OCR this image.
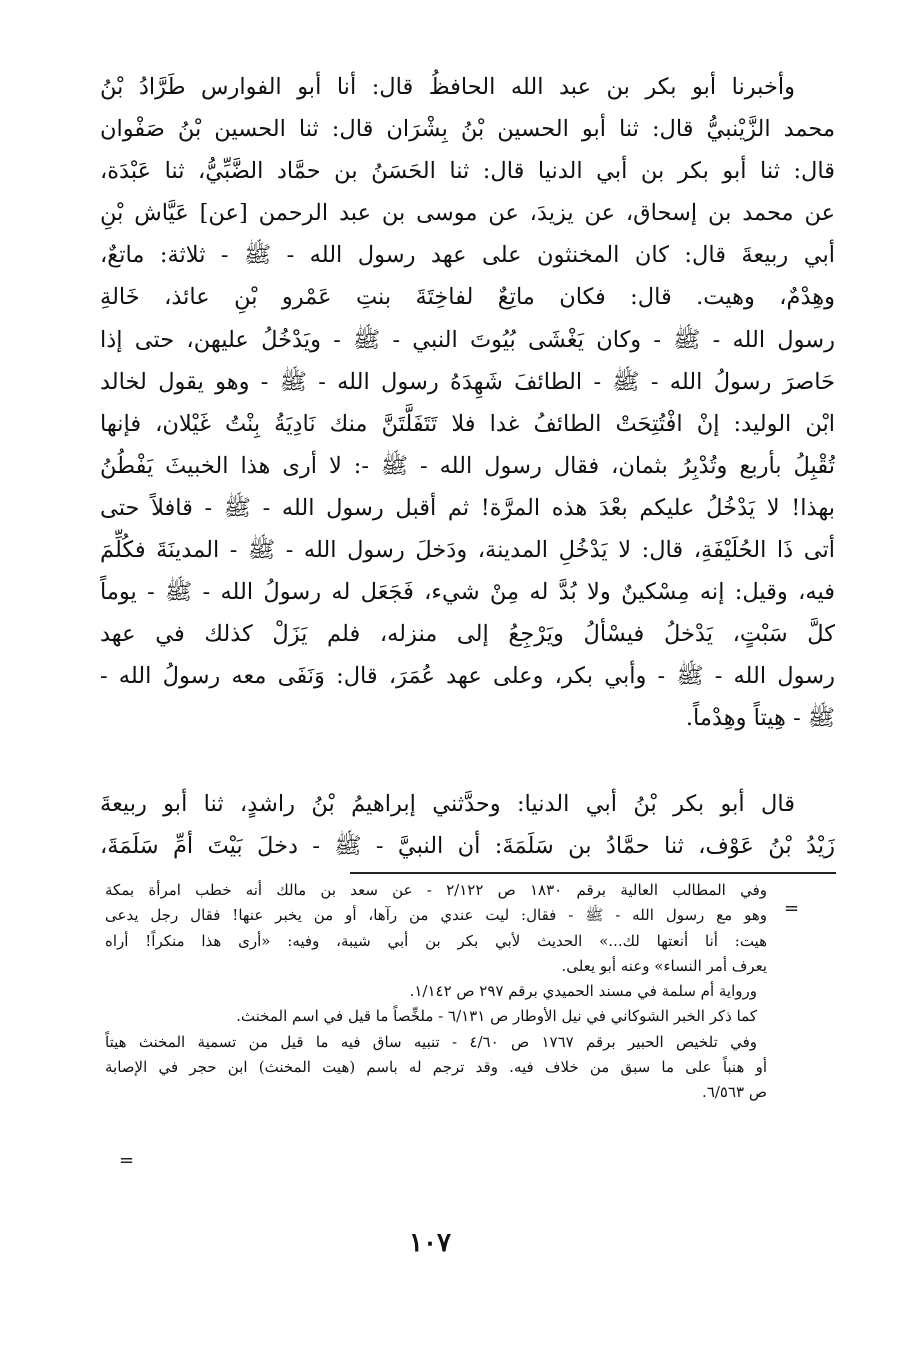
وأخبرنا أبو بكر بن عبد الله الحافظُ قال: أنا أبو الفوارس طَرَّادُ بْنُ
محمد الزَّيْنبيُّ قال: ثنا أبو الحسين بْنُ بِشْرَان قال: ثنا الحسين بْنُ صَفْوان
قال: ثنا أبو بكر بن أبي الدنيا قال: ثنا الحَسَنُ بن حمَّاد الضَّبِّيُّ، ثنا عَبْدَة،
عن محمد بن إسحاق، عن يزيدَ، عن موسى بن عبد الرحمن [عن] عَيَّاش بْنِ
أبي ربيعةَ قال: كان المخنثون على عهد رسول الله - ﷺ - ثلاثة: ماتعٌ،
وهِدْمٌ، وهيت. قال: فكان ماتِعٌ لفاخِتَةَ بنتِ عَمْرو بْنِ عائذ، خَالةِ
رسول الله - ﷺ - وكان يَغْشَى بُيُوتَ النبي - ﷺ - ويَدْخُلُ عليهن، حتى إذا
حَاصرَ رسولُ الله - ﷺ - الطائفَ شَهِدَهُ رسول الله - ﷺ - وهو يقول لخالد
ابْن الوليد: إنْ افْتُتِحَتْ الطائفُ غدا فلا تَتَفَلَّتَنَّ منك نَادِيَةُ بِنْتُ غَيْلان، فإنها
تُقْبِلُ بأربع وتُدْبِرُ بثمان، فقال رسول الله - ﷺ -: لا أرى هذا الخبيثَ يَفْطُنُ
بهذا! لا يَدْخُلُ عليكم بعْدَ هذه المرَّة! ثم أقبل رسول الله - ﷺ - قافلاً حتى
أتى ذَا الحُلَيْفَةِ، قال: لا يَدْخُلِ المدينة، ودَخلَ رسول الله - ﷺ - المدينَةَ فكُلِّمَ
فيه، وقيل: إنه مِسْكينٌ ولا بُدَّ له مِنْ شيء، فَجَعَل له رسولُ الله - ﷺ - يوماً
كلَّ سَبْتٍ، يَدْخلُ فيسْألُ ويَرْجِعُ إلى منزله، فلم يَزَلْ كذلك في عهد
رسول الله - ﷺ - وأبي بكر، وعلى عهد عُمَرَ، قال: وَنَفَى معه رسولُ الله -
ﷺ - هِيتاً وهِدْماً.
قال أبو بكر بْنُ أبي الدنيا: وحدَّثني إبراهيمُ بْنُ راشدٍ، ثنا أبو ربيعةَ
زَيْدُ بْنُ عَوْف، ثنا حمَّادُ بن سَلَمَةَ: أن النبيَّ - ﷺ - دخلَ بَيْتَ أمِّ سَلَمَةَ،
=
وفي المطالب العالية برقم ١٨٣٠ ص ٢/١٢٢ - عن سعد بن مالك أنه خطب امرأة بمكة
وهو مع رسول الله - ﷺ - فقال: ليت عندي من رآها، أو من يخبر عنها! فقال رجل يدعى
هيت: أنا أنعتها لك...» الحديث لأبي بكر بن أبي شيبة، وفيه: «أرى هذا منكراً! أراه
يعرف أمر النساء» وعنه أبو يعلى.
ورواية أم سلمة في مسند الحميدي برقم ٢٩٧ ص ١/١٤٢.
كما ذكر الخبر الشوكاني في نيل الأوطار ص ٦/١٣١ - ملخِّصاً ما قيل في اسم المخنث.
وفي تلخيص الحبير برقم ١٧٦٧ ص ٤/٦٠ - تنبيه ساق فيه ما قيل من تسمية المخنث هيتاً
أو هنباً على ما سبق من خلاف فيه. وقد ترجم له باسم (هيت المخنث) ابن حجر في الإصابة
ص ٦/٥٦٣.
=
١٠٧
